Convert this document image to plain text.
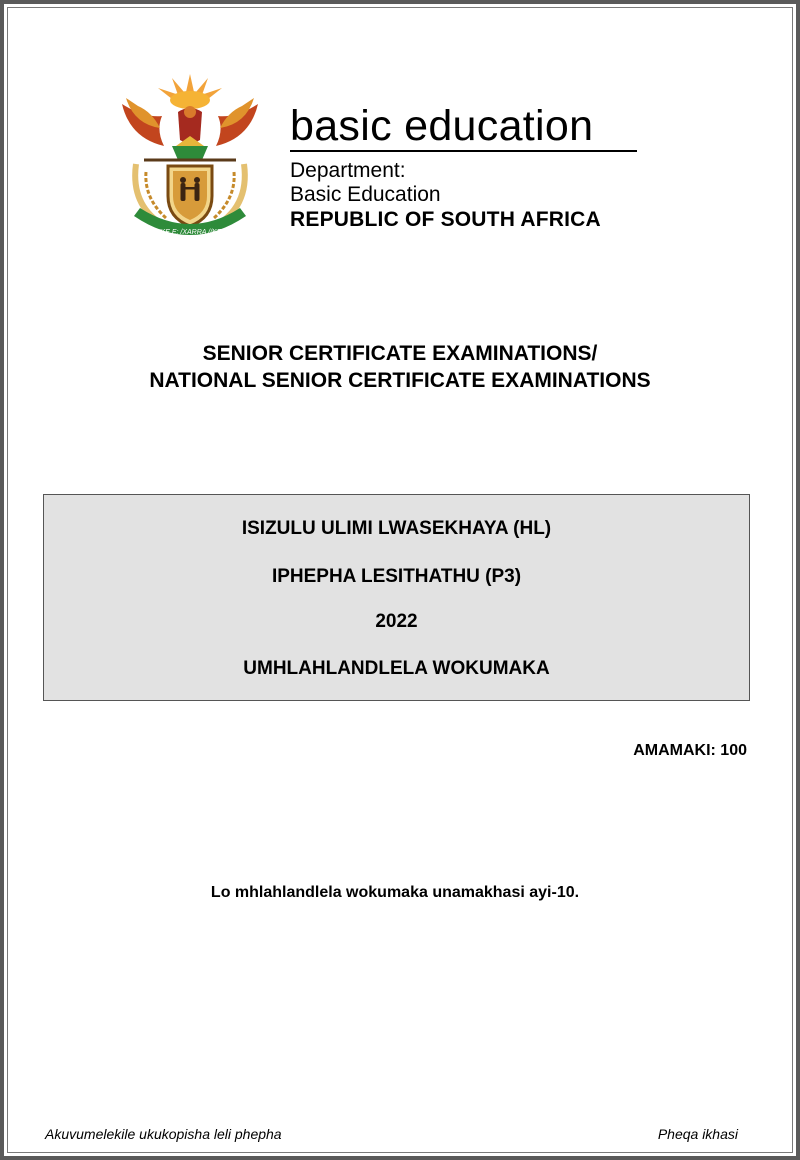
!KE E: /XARRA //KE
basic education
Department:
Basic Education
REPUBLIC OF SOUTH AFRICA
SENIOR CERTIFICATE EXAMINATIONS/
NATIONAL SENIOR CERTIFICATE EXAMINATIONS
ISIZULU ULIMI LWASEKHAYA (HL)
IPHEPHA LESITHATHU (P3)
2022
UMHLAHLANDLELA WOKUMAKA
AMAMAKI: 100
Lo mhlahlandlela wokumaka unamakhasi ayi-10.
Akuvumelekile ukukopisha leli phepha	Pheqa ikhasi
